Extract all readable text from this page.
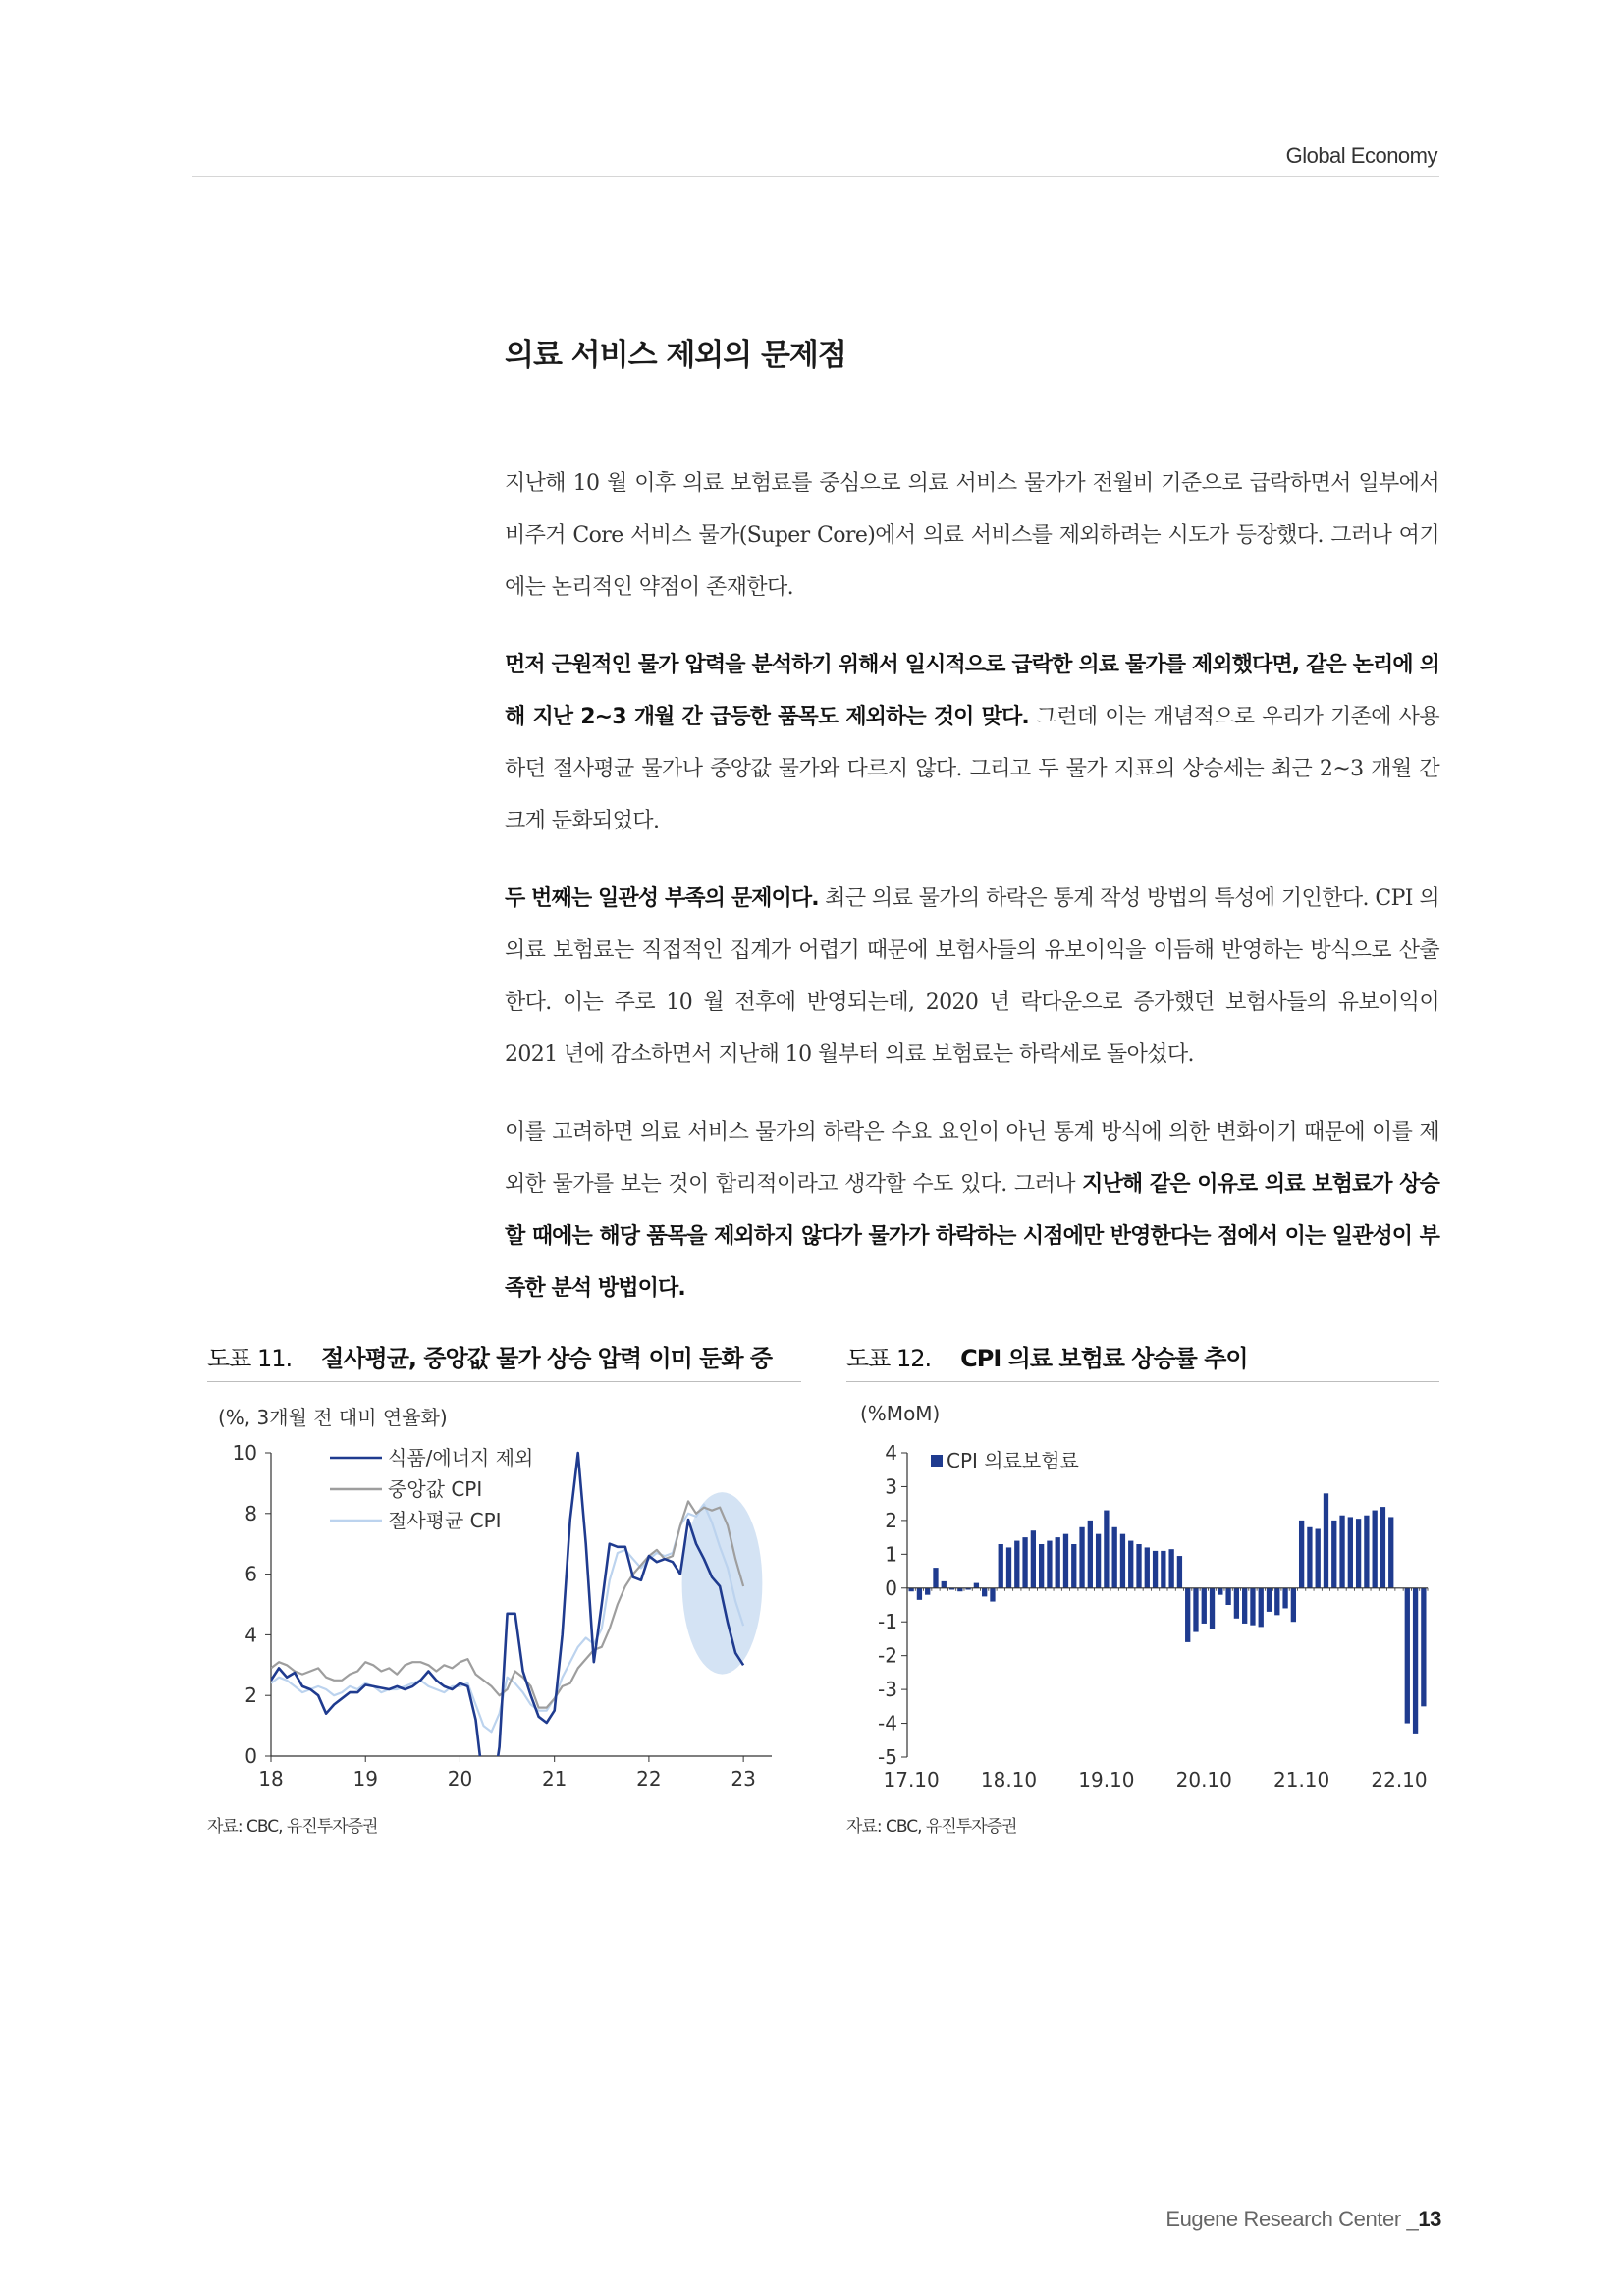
Global Economy
의료 서비스 제외의 문제점

지난해 10 월 이후 의료 보험료를 중심으로 의료 서비스 물가가 전월비 기준으로 급락하면서 일부에서 비주거 Core 서비스 물가(Super Core)에서 의료 서비스를 제외하려는 시도가 등장했다. 그러나 여기에는 논리적인 약점이 존재한다.

먼저 근원적인 물가 압력을 분석하기 위해서 일시적으로 급락한 의료 물가를 제외했다면, 같은 논리에 의해 지난 2~3 개월 간 급등한 품목도 제외하는 것이 맞다. 그런데 이는 개념적으로 우리가 기존에 사용하던 절사평균 물가나 중앙값 물가와 다르지 않다. 그리고 두 물가 지표의 상승세는 최근 2~3 개월 간 크게 둔화되었다.

두 번째는 일관성 부족의 문제이다. 최근 의료 물가의 하락은 통계 작성 방법의 특성에 기인한다. CPI 의 의료 보험료는 직접적인 집계가 어렵기 때문에 보험사들의 유보이익을 이듬해 반영하는 방식으로 산출한다. 이는 주로 10 월 전후에 반영되는데, 2020 년 락다운으로 증가했던 보험사들의 유보이익이 2021 년에 감소하면서 지난해 10 월부터 의료 보험료는 하락세로 돌아섰다.

이를 고려하면 의료 서비스 물가의 하락은 수요 요인이 아닌 통계 방식에 의한 변화이기 때문에 이를 제외한 물가를 보는 것이 합리적이라고 생각할 수도 있다. 그러나 지난해 같은 이유로 의료 보험료가 상승할 때에는 해당 품목을 제외하지 않다가 물가가 하락하는 시점에만 반영한다는 점에서 이는 일관성이 부족한 분석 방법이다.

도표 11. 절사평균, 중앙값 물가 상승 압력 이미 둔화 중
(%, 3개월 전 대비 연율화)
0
2
4
6
8
10
18	19	20	21	22	23
식품/에너지 제외
중앙값 CPI
절사평균 CPI
자료: CBC, 유진투자증권
도표 12. CPI 의료 보험료 상승률 추이
(%MoM)
4
3
2
1
0
-1
-2
-3
-4
-5
17.10 18.10 19.10 20.10 21.10 22.10
CPI 의료보험료
자료: CBC, 유진투자증권
Eugene Research Center _13
